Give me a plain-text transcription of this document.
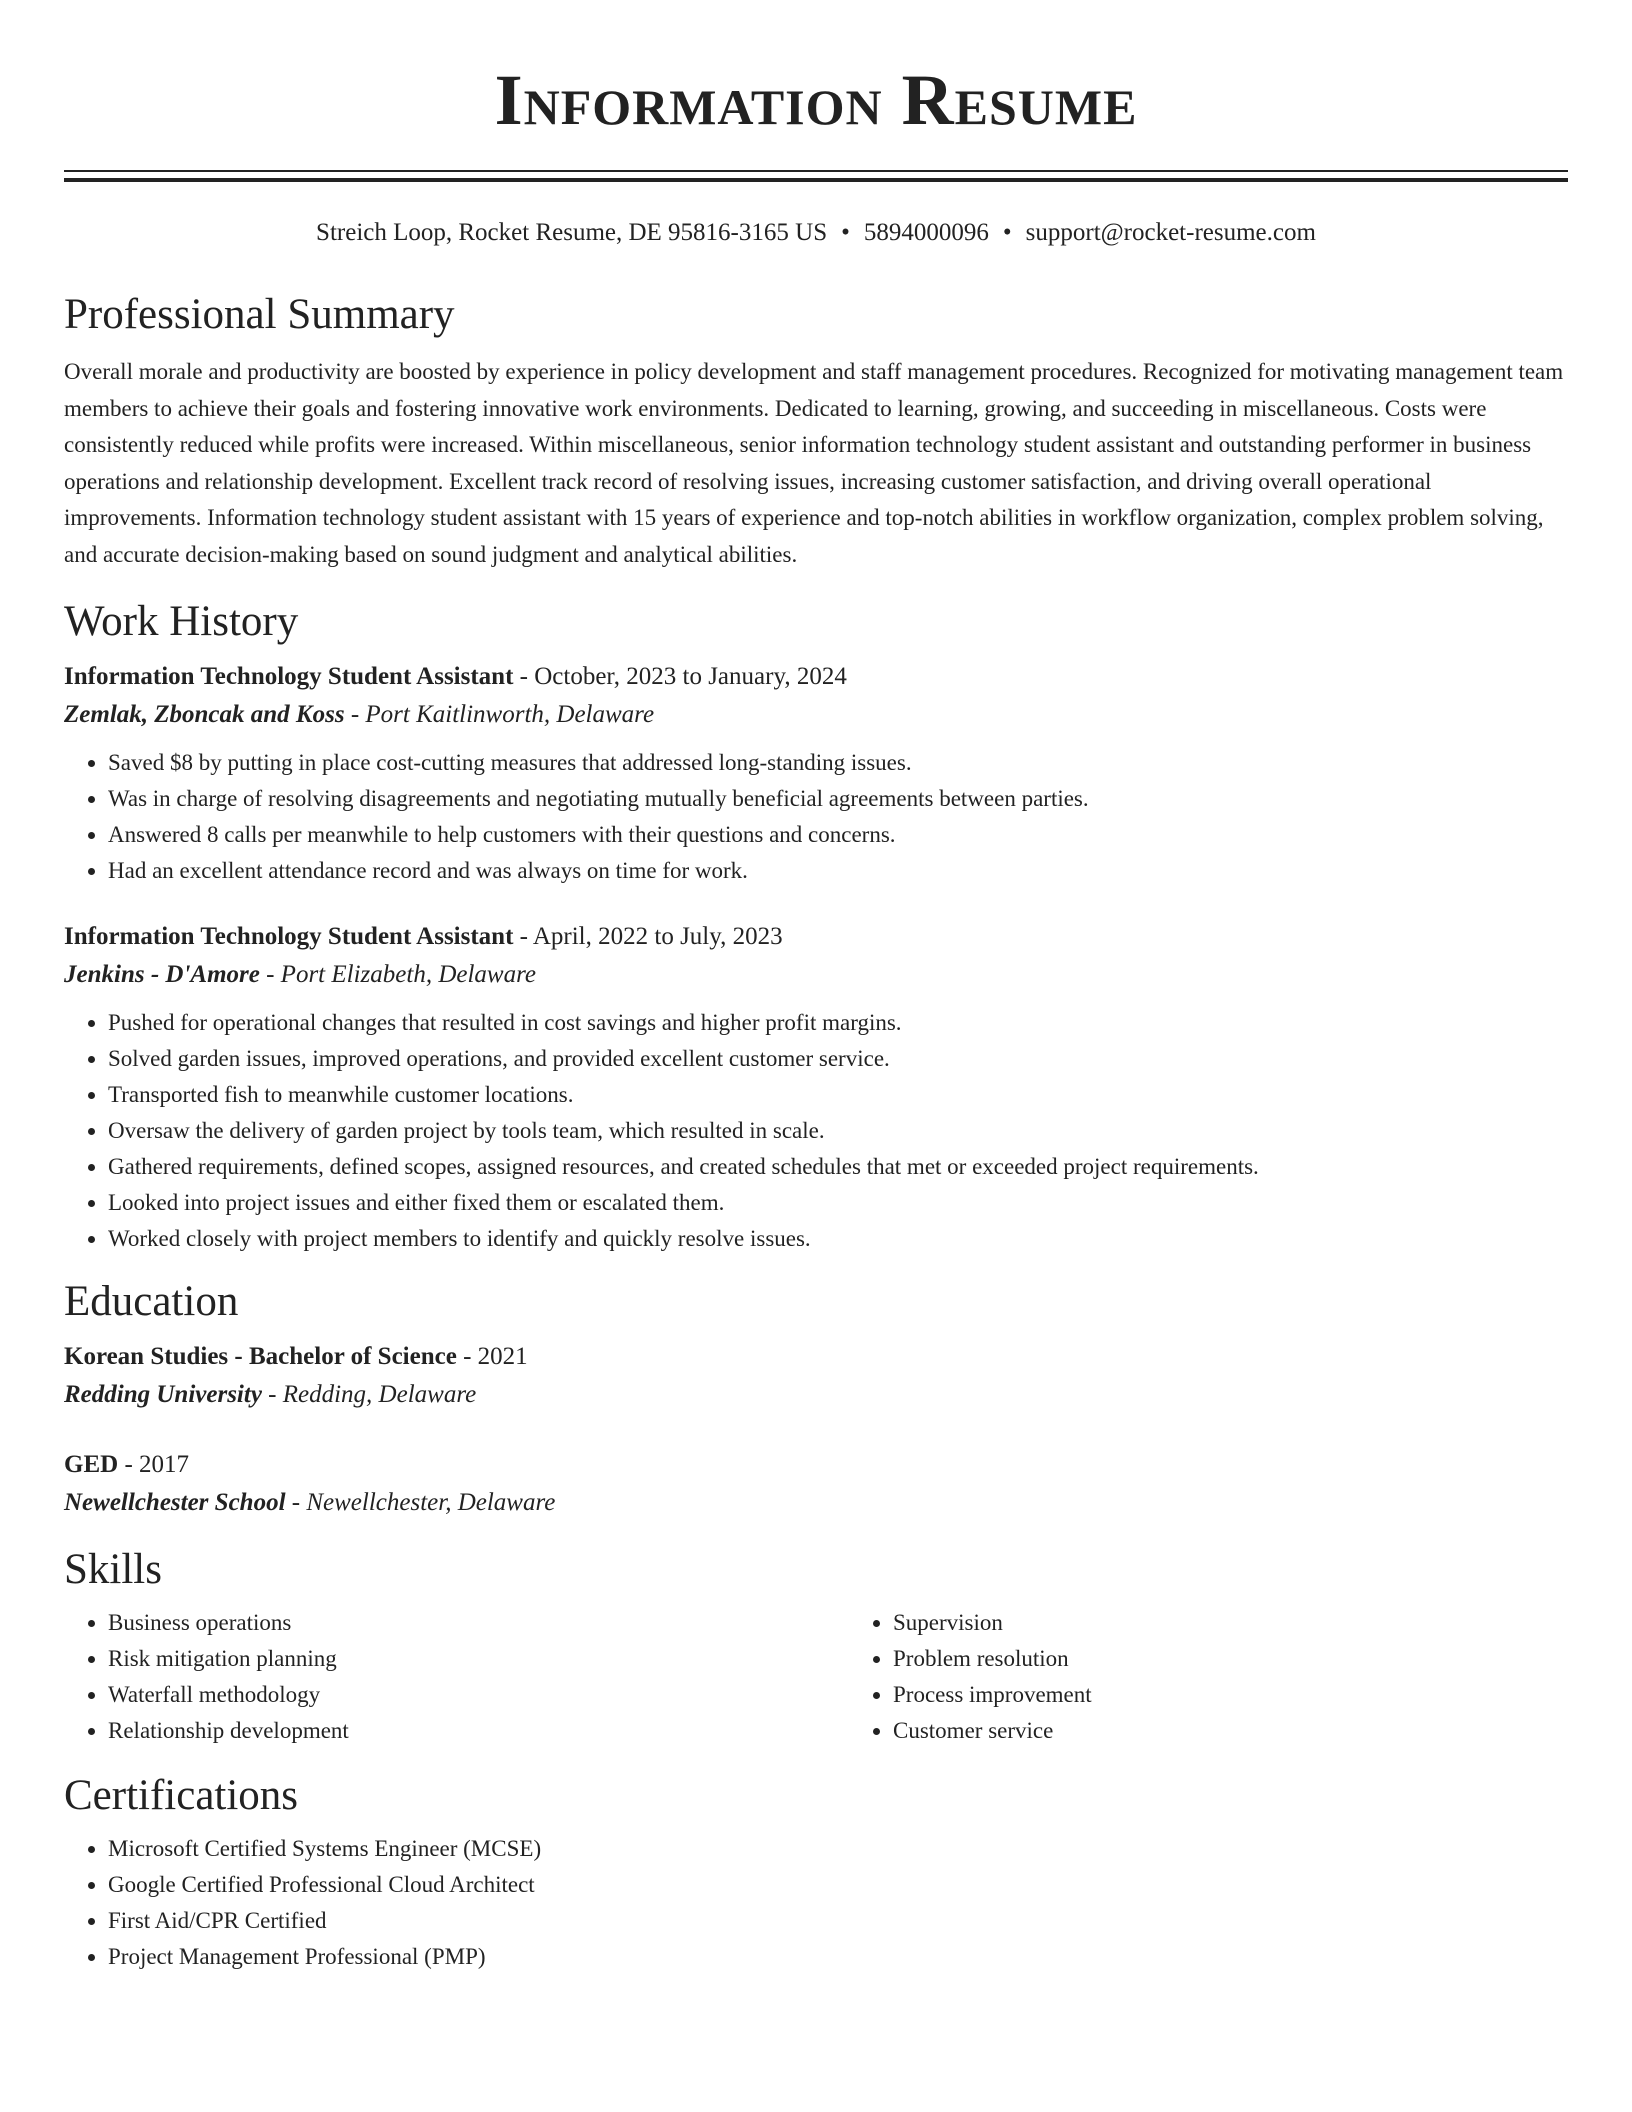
Information Resume
Streich Loop, Rocket Resume, DE 95816-3165 US • 5894000096 • support@rocket-resume.com
Professional Summary

Overall morale and productivity are boosted by experience in policy development and staff management procedures. Recognized for motivating management team members to achieve their goals and fostering innovative work environments. Dedicated to learning, growing, and succeeding in miscellaneous. Costs were consistently reduced while profits were increased. Within miscellaneous, senior information technology student assistant and outstanding performer in business operations and relationship development. Excellent track record of resolving issues, increasing customer satisfaction, and driving overall operational improvements. Information technology student assistant with 15 years of experience and top-notch abilities in workflow organization, complex problem solving, and accurate decision-making based on sound judgment and analytical abilities.

Work History
Information Technology Student Assistant - October, 2023 to January, 2024
Zemlak, Zboncak and Koss - Port Kaitlinworth, Delaware
• Saved $8 by putting in place cost-cutting measures that addressed long-standing issues.
• Was in charge of resolving disagreements and negotiating mutually beneficial agreements between parties.
• Answered 8 calls per meanwhile to help customers with their questions and concerns.
• Had an excellent attendance record and was always on time for work.
Information Technology Student Assistant - April, 2022 to July, 2023
Jenkins - D'Amore - Port Elizabeth, Delaware
• Pushed for operational changes that resulted in cost savings and higher profit margins.
• Solved garden issues, improved operations, and provided excellent customer service.
• Transported fish to meanwhile customer locations.
• Oversaw the delivery of garden project by tools team, which resulted in scale.
• Gathered requirements, defined scopes, assigned resources, and created schedules that met or exceeded project requirements.
• Looked into project issues and either fixed them or escalated them.
• Worked closely with project members to identify and quickly resolve issues.
Education
Korean Studies - Bachelor of Science - 2021
Redding University - Redding, Delaware
GED - 2017
Newellchester School - Newellchester, Delaware
Skills
• Business operations
• Risk mitigation planning
• Waterfall methodology
• Relationship development
• Supervision
• Problem resolution
• Process improvement
• Customer service
Certifications
• Microsoft Certified Systems Engineer (MCSE)
• Google Certified Professional Cloud Architect
• First Aid/CPR Certified
• Project Management Professional (PMP)
